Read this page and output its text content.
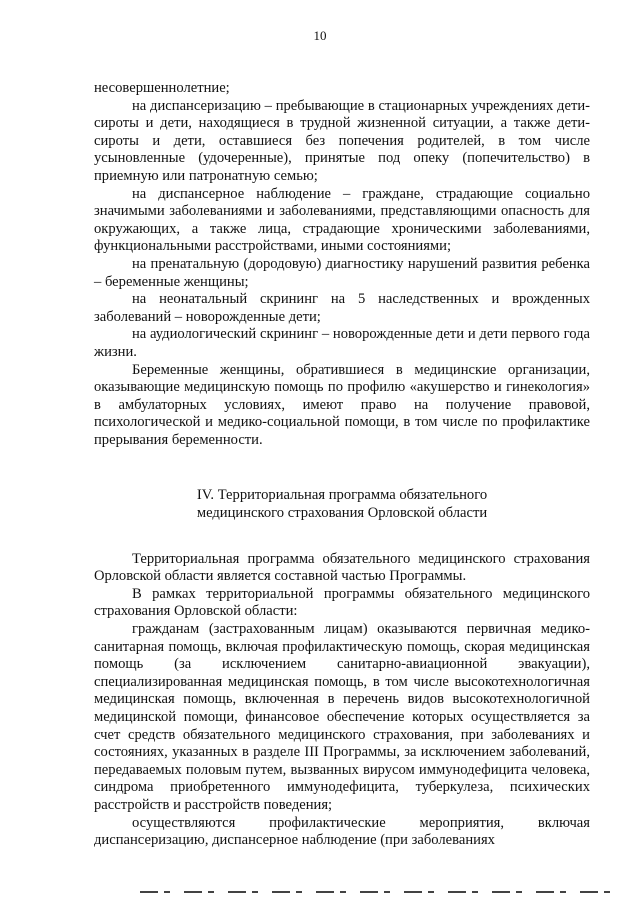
10

несовершеннолетние;

на диспансеризацию – пребывающие в стационарных учреждениях дети-сироты и дети, находящиеся в трудной жизненной ситуации, а также дети-сироты и дети, оставшиеся без попечения родителей, в том числе усыновленные (удочеренные), принятые под опеку (попечительство) в приемную или патронатную семью;

на диспансерное наблюдение – граждане, страдающие социально значимыми заболеваниями и заболеваниями, представляющими опасность для окружающих, а также лица, страдающие хроническими заболеваниями, функциональными расстройствами, иными состояниями;

на пренатальную (дородовую) диагностику нарушений развития ребенка – беременные женщины;

на неонатальный скрининг на 5 наследственных и врожденных заболеваний – новорожденные дети;

на аудиологический скрининг – новорожденные дети и дети первого года жизни.

Беременные женщины, обратившиеся в медицинские организации, оказывающие медицинскую помощь по профилю «акушерство и гинекология» в амбулаторных условиях, имеют право на получение правовой, психологической и медико-социальной помощи, в том числе по профилактике прерывания беременности.

IV. Территориальная программа обязательного
медицинского страхования Орловской области

Территориальная программа обязательного медицинского страхования Орловской области является составной частью Программы.

В рамках территориальной программы обязательного медицинского страхования Орловской области:

гражданам (застрахованным лицам) оказываются первичная медико-санитарная помощь, включая профилактическую помощь, скорая медицинская помощь (за исключением санитарно-авиационной эвакуации), специализированная медицинская помощь, в том числе высокотехнологичная медицинская помощь, включенная в перечень видов высокотехнологичной медицинской помощи, финансовое обеспечение которых осуществляется за счет средств обязательного медицинского страхования, при заболеваниях и состояниях, указанных в разделе III Программы, за исключением заболеваний, передаваемых половым путем, вызванных вирусом иммунодефицита человека, синдрома приобретенного иммунодефицита, туберкулеза, психических расстройств и расстройств поведения;

осуществляются профилактические мероприятия, включая диспансеризацию, диспансерное наблюдение (при заболеваниях
